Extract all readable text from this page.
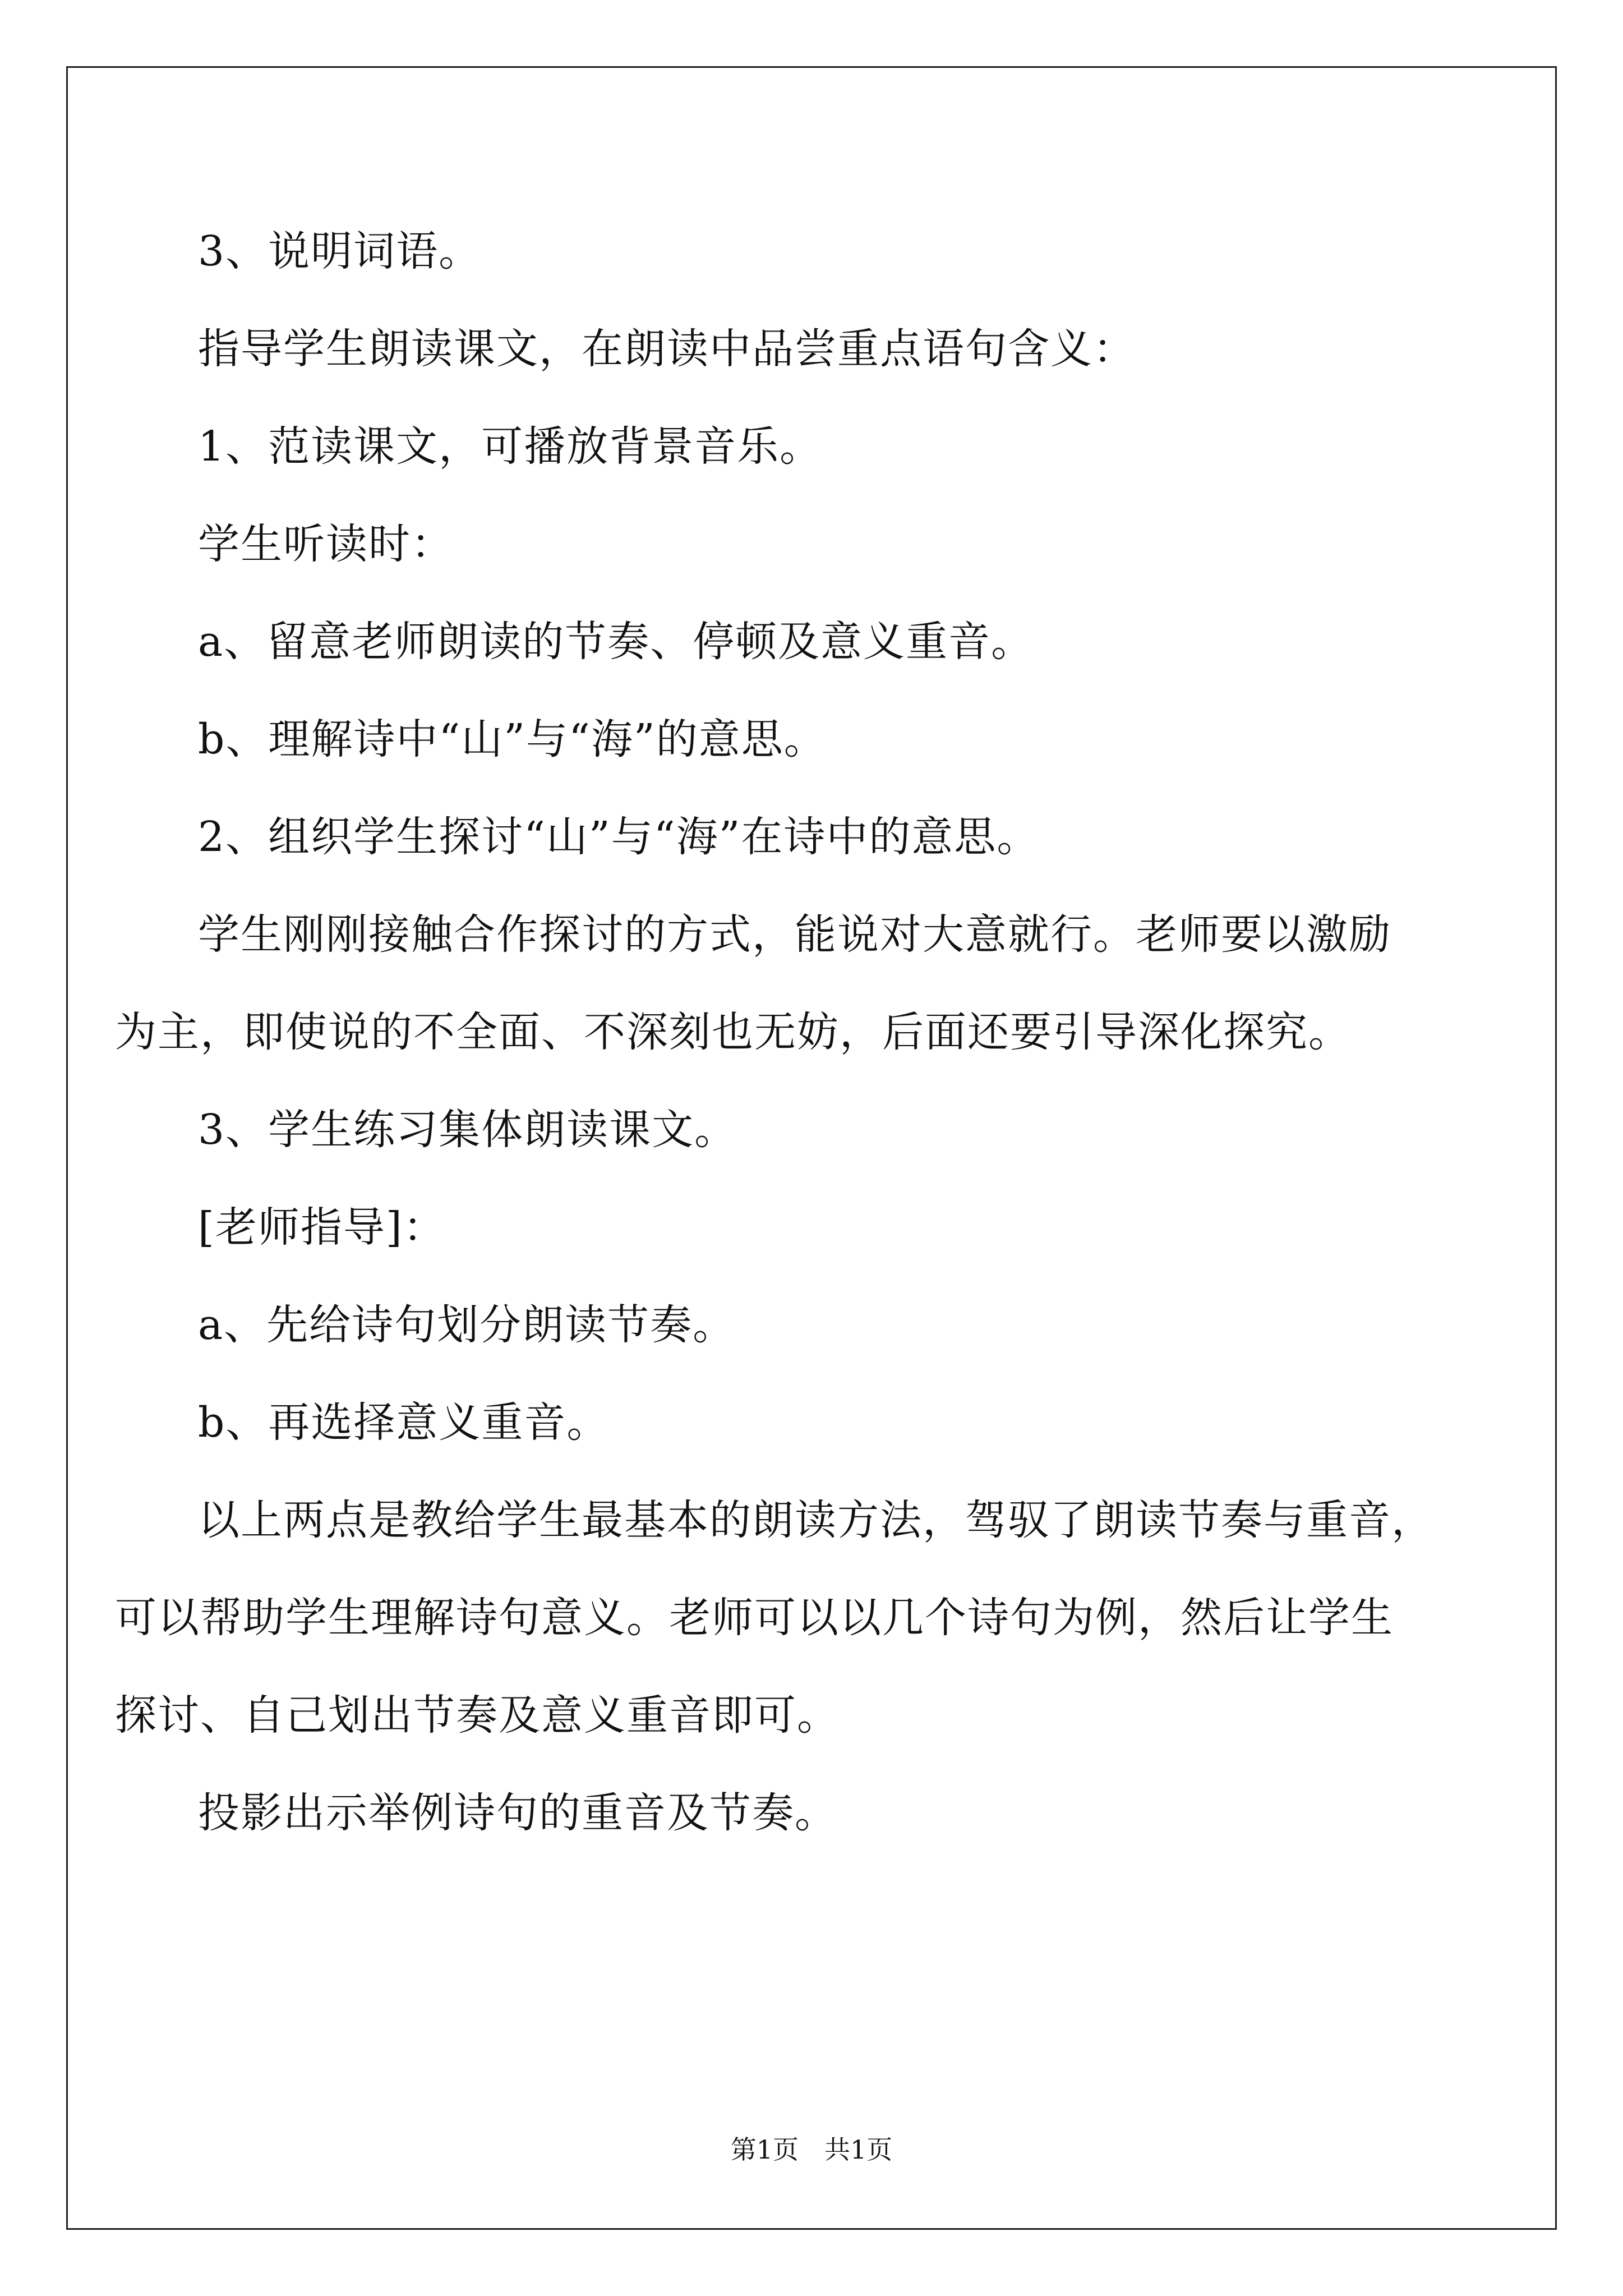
3、说明词语。
指导学生朗读课文，在朗读中品尝重点语句含义：
1、范读课文，可播放背景音乐。
学生听读时：
a、留意老师朗读的节奏、停顿及意义重音。
b、理解诗中“山”与“海”的意思。
2、组织学生探讨“山”与“海”在诗中的意思。
学生刚刚接触合作探讨的方式，能说对大意就行。老师要以激励
为主，即使说的不全面、不深刻也无妨，后面还要引导深化探究。
3、学生练习集体朗读课文。
[老师指导]：
a、先给诗句划分朗读节奏。
b、再选择意义重音。
以上两点是教给学生最基本的朗读方法，驾驭了朗读节奏与重音，
可以帮助学生理解诗句意义。老师可以以几个诗句为例，然后让学生
探讨、自己划出节奏及意义重音即可。
投影出示举例诗句的重音及节奏。
第1页　共1页
